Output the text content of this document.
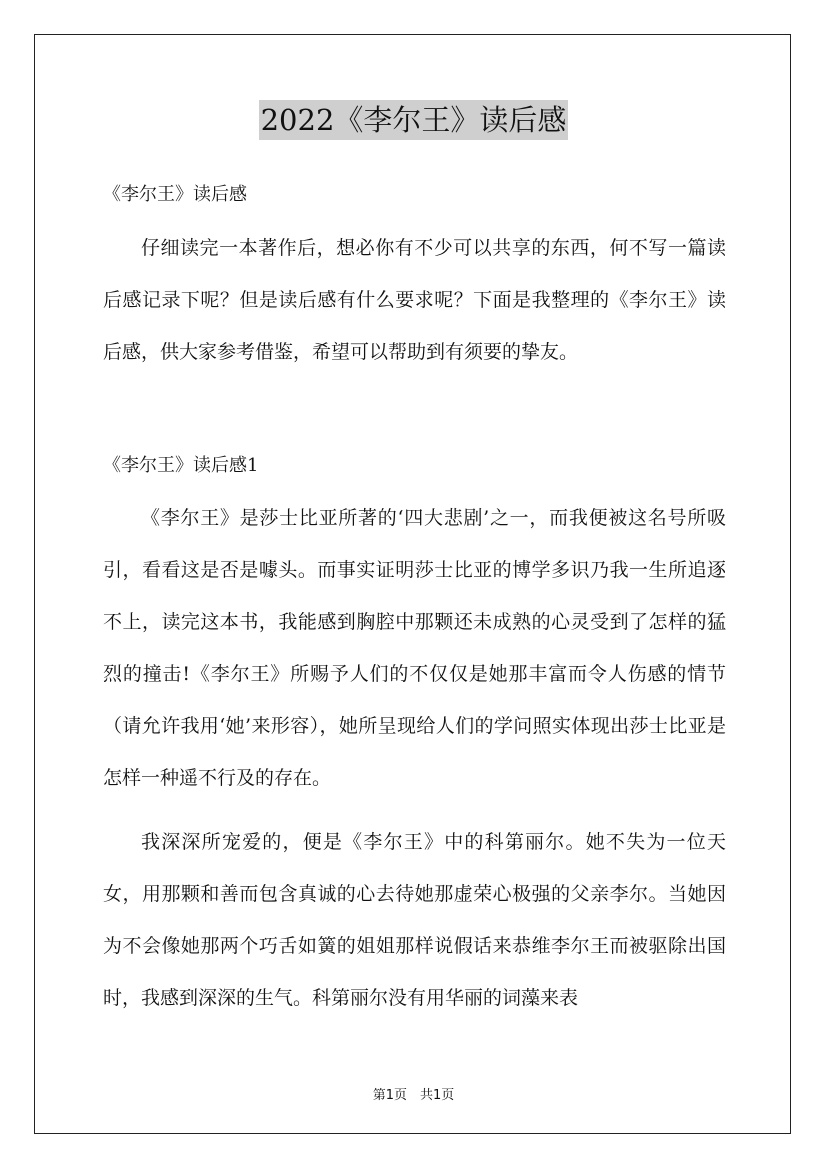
2022《李尔王》读后感
《李尔王》读后感

仔细读完一本著作后，想必你有不少可以共享的东西，何不写一篇读后感记录下呢？但是读后感有什么要求呢？下面是我整理的《李尔王》读后感，供大家参考借鉴，希望可以帮助到有须要的挚友。

《李尔王》读后感1

《李尔王》是莎士比亚所著的‘四大悲剧’之一，而我便被这名号所吸引，看看这是否是噱头。而事实证明莎士比亚的博学多识乃我一生所追逐不上，读完这本书，我能感到胸腔中那颗还未成熟的心灵受到了怎样的猛烈的撞击!《李尔王》所赐予人们的不仅仅是她那丰富而令人伤感的情节（请允许我用‘她’来形容），她所呈现给人们的学问照实体现出莎士比亚是怎样一种遥不行及的存在。

我深深所宠爱的，便是《李尔王》中的科第丽尔。她不失为一位天女，用那颗和善而包含真诚的心去待她那虚荣心极强的父亲李尔。当她因为不会像她那两个巧舌如簧的姐姐那样说假话来恭维李尔王而被驱除出国时，我感到深深的生气。科第丽尔没有用华丽的词藻来表

第1页　共1页
